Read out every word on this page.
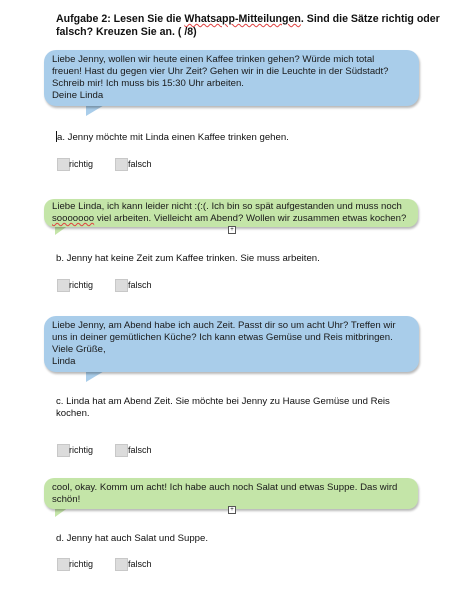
Aufgabe 2: Lesen Sie die Whatsapp-Mitteilungen. Sind die Sätze richtig oder
falsch? Kreuzen Sie an. ( /8)
Liebe Jenny, wollen wir heute einen Kaffee trinken gehen? Würde mich total
freuen! Hast du gegen vier Uhr Zeit? Gehen wir in die Leuchte in der Südstadt?
Schreib mir! Ich muss bis 15:30 Uhr arbeiten.
Deine Linda
a. Jenny möchte mit Linda einen Kaffee trinken gehen.
richtig	falsch
Liebe Linda, ich kann leider nicht :(:(. Ich bin so spät aufgestanden und muss noch
sooooooo viel arbeiten. Vielleicht am Abend? Wollen wir zusammen etwas kochen?
+
b. Jenny hat keine Zeit zum Kaffee trinken. Sie muss arbeiten.
richtig	falsch
Liebe Jenny, am Abend habe ich auch Zeit. Passt dir so um acht Uhr? Treffen wir
uns in deiner gemütlichen Küche? Ich kann etwas Gemüse und Reis mitbringen.
Viele Grüße,
Linda
c. Linda hat am Abend Zeit. Sie möchte bei Jenny zu Hause Gemüse und Reis
kochen.
richtig	falsch
cool, okay. Komm um acht! Ich habe auch noch Salat und etwas Suppe. Das wird
schön!
+
d. Jenny hat auch Salat und Suppe.
richtig	falsch
